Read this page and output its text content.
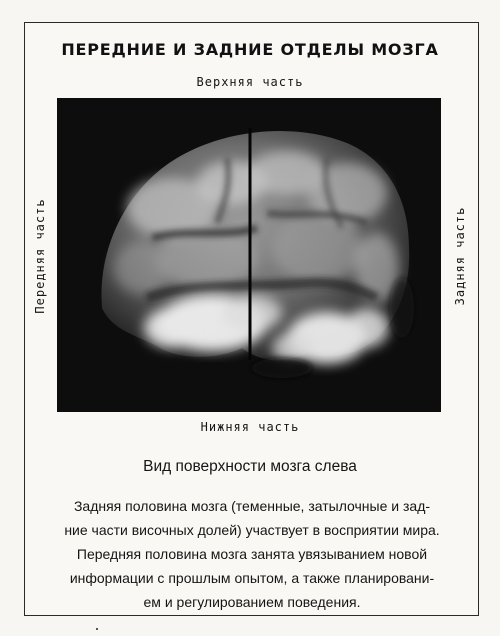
ПЕРЕДНИЕ И ЗАДНИЕ ОТДЕЛЫ МОЗГА
Верхняя часть
Передняя часть	Задняя часть
Нижняя часть
Вид поверхности мозга слева
Задняя половина мозга (теменные, затылочные и зад-
ние части височных долей) участвует в восприятии мира.
Передняя половина мозга занята увязыванием новой
информации с прошлым опытом, а также планировани-
ем и регулированием поведения.
